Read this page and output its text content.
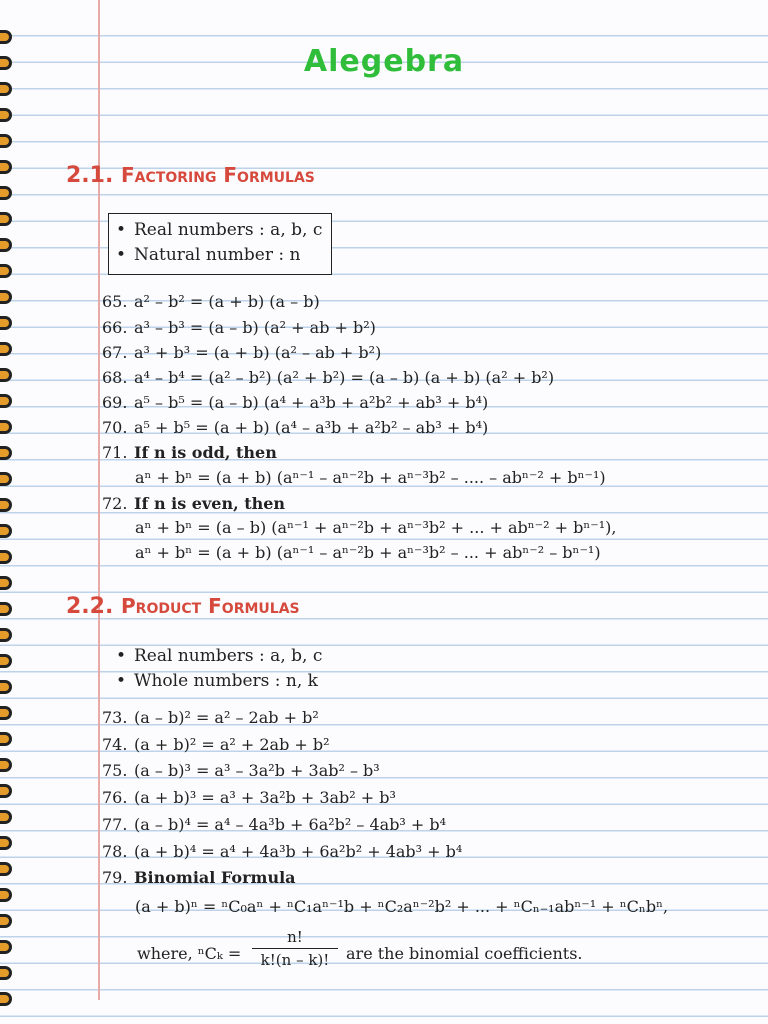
Alegebra
2.1. Factoring Formulas
• Real numbers : a, b, c
• Natural number : n
65. a² – b² = (a + b) (a – b)
66. a³ – b³ = (a – b) (a² + ab + b²)
67. a³ + b³ = (a + b) (a² – ab + b²)
68. a⁴ – b⁴ = (a² – b²) (a² + b²) = (a – b) (a + b) (a² + b²)
69. a⁵ – b⁵ = (a – b) (a⁴ + a³b + a²b² + ab³ + b⁴)
70. a⁵ + b⁵ = (a + b) (a⁴ – a³b + a²b² – ab³ + b⁴)
71. If n is odd, then
aⁿ + bⁿ = (a + b) (aⁿ⁻¹ – aⁿ⁻²b + aⁿ⁻³b² – .... – abⁿ⁻² + bⁿ⁻¹)
72. If n is even, then
aⁿ + bⁿ = (a – b) (aⁿ⁻¹ + aⁿ⁻²b + aⁿ⁻³b² + ... + abⁿ⁻² + bⁿ⁻¹),
aⁿ + bⁿ = (a + b) (aⁿ⁻¹ – aⁿ⁻²b + aⁿ⁻³b² – ... + abⁿ⁻² – bⁿ⁻¹)
2.2. Product Formulas
• Real numbers : a, b, c
• Whole numbers : n, k
73. (a – b)² = a² – 2ab + b²
74. (a + b)² = a² + 2ab + b²
75. (a – b)³ = a³ – 3a²b + 3ab² – b³
76. (a + b)³ = a³ + 3a²b + 3ab² + b³
77. (a – b)⁴ = a⁴ – 4a³b + 6a²b² – 4ab³ + b⁴
78. (a + b)⁴ = a⁴ + 4a³b + 6a²b² + 4ab³ + b⁴
79. Binomial Formula
(a + b)ⁿ = ⁿC₀aⁿ + ⁿC₁aⁿ⁻¹b + ⁿC₂aⁿ⁻²b² + ... + ⁿCₙ₋₁abⁿ⁻¹ + ⁿCₙbⁿ,
where, $^nC_k = \frac{n!}{k!(n - k)!}$ are the binomial coefficients.
